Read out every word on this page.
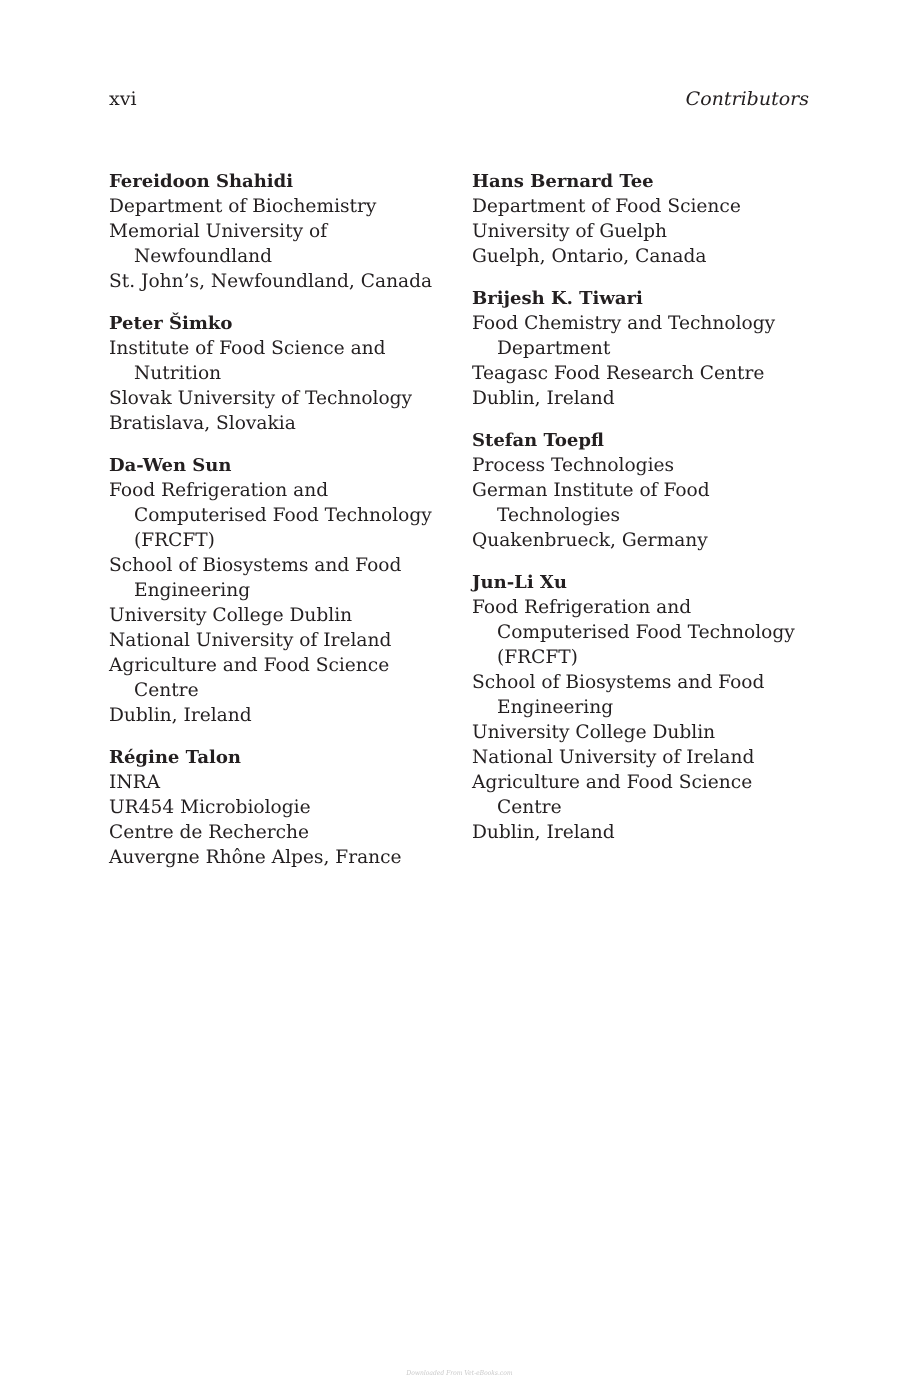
xvi	Contributors
Fereidoon Shahidi
Department of Biochemistry
Memorial University of
Newfoundland
St. John’s, Newfoundland, Canada
Peter Šimko
Institute of Food Science and
Nutrition
Slovak University of Technology
Bratislava, Slovakia
Da-Wen Sun
Food Refrigeration and
Computerised Food Technology
(FRCFT)
School of Biosystems and Food
Engineering
University College Dublin
National University of Ireland
Agriculture and Food Science
Centre
Dublin, Ireland
Régine Talon
INRA
UR454 Microbiologie
Centre de Recherche
Auvergne Rhône Alpes, France
Hans Bernard Tee
Department of Food Science
University of Guelph
Guelph, Ontario, Canada
Brijesh K. Tiwari
Food Chemistry and Technology
Department
Teagasc Food Research Centre
Dublin, Ireland
Stefan Toepfl
Process Technologies
German Institute of Food
Technologies
Quakenbrueck, Germany
Jun-Li Xu
Food Refrigeration and
Computerised Food Technology
(FRCFT)
School of Biosystems and Food
Engineering
University College Dublin
National University of Ireland
Agriculture and Food Science
Centre
Dublin, Ireland
Downloaded From Vet-eBooks.com
